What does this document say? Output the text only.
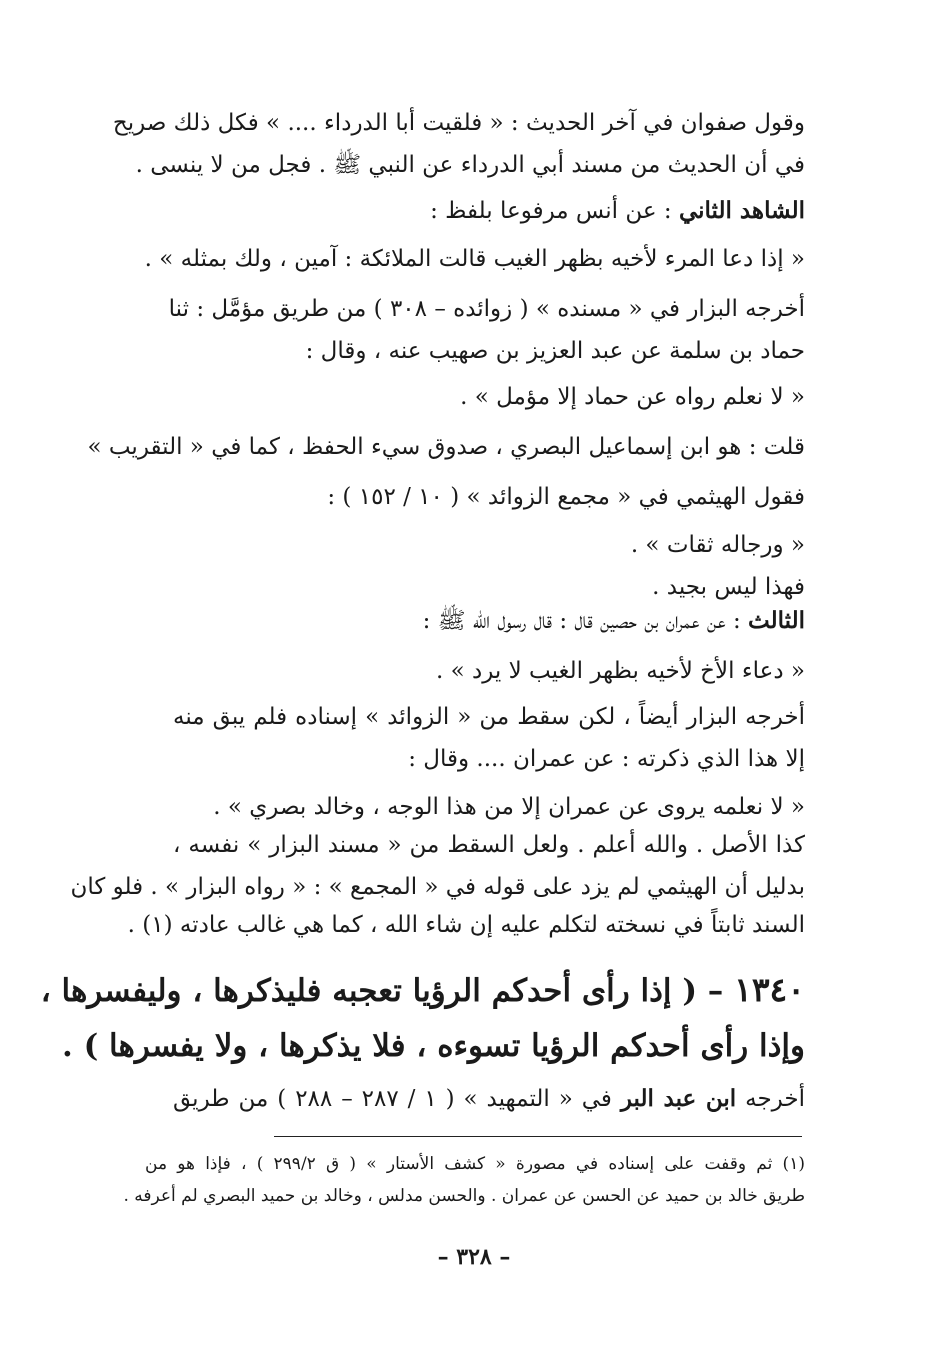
وقول صفوان في آخر الحديث : « فلقيت أبا الدرداء .... » فكل ذلك صريح
في أن الحديث من مسند أبي الدرداء عن النبي ﷺ . فجل من لا ينسى .
الشاهد الثاني : عن أنس مرفوعا بلفظ :
« إذا دعا المرء لأخيه بظهر الغيب قالت الملائكة : آمين ، ولك بمثله » .
أخرجه البزار في « مسنده » ( زوائده – ٣٠٨ ) من طريق مؤمَّل : ثنا
حماد بن سلمة عن عبد العزيز بن صهيب عنه ، وقال :
« لا نعلم رواه عن حماد إلا مؤمل » .
قلت : هو ابن إسماعيل البصري ، صدوق سيء الحفظ ، كما في « التقريب »
فقول الهيثمي في « مجمع الزوائد » ( ١٠ / ١٥٢ ) :
« ورجاله ثقات » .
فهذا ليس بجيد .
الثالث : عن عمران بن حصين قال : قال رسول الله ﷺ :
« دعاء الأخ لأخيه بظهر الغيب لا يرد » .
أخرجه البزار أيضاً ، لكن سقط من « الزوائد » إسناده فلم يبق منه
إلا هذا الذي ذكرته : عن عمران .... وقال :
« لا نعلمه يروى عن عمران إلا من هذا الوجه ، وخالد بصري » .
كذا الأصل . والله أعلم . ولعل السقط من « مسند البزار » نفسه ،
بدليل أن الهيثمي لم يزد على قوله في « المجمع » : « رواه البزار » . فلو كان
السند ثابتاً في نسخته لتكلم عليه إن شاء الله ، كما هي غالب عادته (١) .
١٣٤٠ – ( إذا رأى أحدكم الرؤيا تعجبه فليذكرها ، وليفسرها ،
وإذا رأى أحدكم الرؤيا تسوءه ، فلا يذكرها ، ولا يفسرها ) .
أخرجه ابن عبد البر في « التمهيد » ( ١ / ٢٨٧ – ٢٨٨ ) من طريق
(١) ثم وقفت على إسناده في مصورة « كشف الأستار » ( ق ٢٩٩/٢ ) ، فإذا هو من
طريق خالد بن حميد عن الحسن عن عمران . والحسن مدلس ، وخالد بن حميد البصري لم أعرفه .
– ٣٢٨ –
